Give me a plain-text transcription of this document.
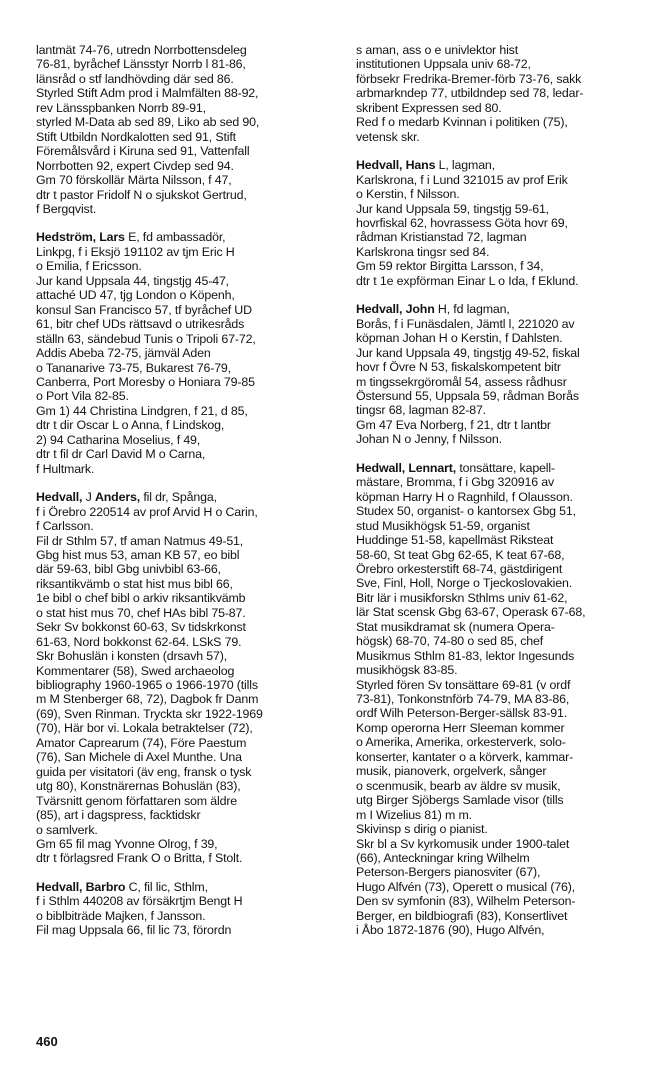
lantmät 74-76, utredn Norrbottensdeleg
76-81, byråchef Länsstyr Norrb l 81-86,
länsråd o stf landhövding där sed 86.
Styrled Stift Adm prod i Malmfälten 88-92,
rev Länsspbanken Norrb 89-91,
styrled M-Data ab sed 89, Liko ab sed 90,
Stift Utbildn Nordkalotten sed 91, Stift
Föremålsvård i Kiruna sed 91, Vattenfall
Norrbotten 92, expert Civdep sed 94.
Gm 70 förskollär Märta Nilsson, f 47,
dtr t pastor Fridolf N o sjukskot Gertrud,
f Bergqvist.
Hedström, Lars E, fd ambassadör,
Linkpg, f i Eksjö 191102 av tjm Eric H
o Emilia, f Ericsson.
Jur kand Uppsala 44, tingstjg 45-47,
attaché UD 47, tjg London o Köpenh,
konsul San Francisco 57, tf byråchef UD
61, bitr chef UDs rättsavd o utrikesråds
ställn 63, sändebud Tunis o Tripoli 67-72,
Addis Abeba 72-75, jämväl Aden
o Tananarive 73-75, Bukarest 76-79,
Canberra, Port Moresby o Honiara 79-85
o Port Vila 82-85.
Gm 1) 44 Christina Lindgren, f 21, d 85,
dtr t dir Oscar L o Anna, f Lindskog,
2) 94 Catharina Moselius, f 49,
dtr t fil dr Carl David M o Carna,
f Hultmark.
Hedvall, J Anders, fil dr, Spånga,
f i Örebro 220514 av prof Arvid H o Carin,
f Carlsson.
Fil dr Sthlm 57, tf aman Natmus 49-51,
Gbg hist mus 53, aman KB 57, eo bibl
där 59-63, bibl Gbg univbibl 63-66,
riksantikvämb o stat hist mus bibl 66,
1e bibl o chef bibl o arkiv riksantikvämb
o stat hist mus 70, chef HAs bibl 75-87.
Sekr Sv bokkonst 60-63, Sv tidskrkonst
61-63, Nord bokkonst 62-64. LSkS 79.
Skr Bohuslän i konsten (drsavh 57),
Kommentarer (58), Swed archaeolog
bibliography 1960-1965 o 1966-1970 (tills
m M Stenberger 68, 72), Dagbok fr Danm
(69), Sven Rinman. Tryckta skr 1922-1969
(70), Här bor vi. Lokala betraktelser (72),
Amator Caprearum (74), Före Paestum
(76), San Michele di Axel Munthe. Una
guida per visitatori (äv eng, fransk o tysk
utg 80), Konstnärernas Bohuslän (83),
Tvärsnitt genom författaren som äldre
(85), art i dagspress, facktidskr
o samlverk.
Gm 65 fil mag Yvonne Olrog, f 39,
dtr t förlagsred Frank O o Britta, f Stolt.
Hedvall, Barbro C, fil lic, Sthlm,
f i Sthlm 440208 av försäkrtjm Bengt H
o biblbiträde Majken, f Jansson.
Fil mag Uppsala 66, fil lic 73, förordn
s aman, ass o e univlektor hist
institutionen Uppsala univ 68-72,
förbsekr Fredrika-Bremer-förb 73-76, sakk
arbmarkndep 77, utbildndep sed 78, ledar-
skribent Expressen sed 80.
Red f o medarb Kvinnan i politiken (75),
vetensk skr.
Hedvall, Hans L, lagman,
Karlskrona, f i Lund 321015 av prof Erik
o Kerstin, f Nilsson.
Jur kand Uppsala 59, tingstjg 59-61,
hovrfiskal 62, hovrassess Göta hovr 69,
rådman Kristianstad 72, lagman
Karlskrona tingsr sed 84.
Gm 59 rektor Birgitta Larsson, f 34,
dtr t 1e expförman Einar L o Ida, f Eklund.
Hedvall, John H, fd lagman,
Borås, f i Funäsdalen, Jämtl l, 221020 av
köpman Johan H o Kerstin, f Dahlsten.
Jur kand Uppsala 49, tingstjg 49-52, fiskal
hovr f Övre N 53, fiskalskompetent bitr
m tingssekrgöromål 54, assess rådhusr
Östersund 55, Uppsala 59, rådman Borås
tingsr 68, lagman 82-87.
Gm 47 Eva Norberg, f 21, dtr t lantbr
Johan N o Jenny, f Nilsson.
Hedwall, Lennart, tonsättare, kapell-
mästare, Bromma, f i Gbg 320916 av
köpman Harry H o Ragnhild, f Olausson.
Studex 50, organist- o kantorsex Gbg 51,
stud Musikhögsk 51-59, organist
Huddinge 51-58, kapellmäst Riksteat
58-60, St teat Gbg 62-65, K teat 67-68,
Örebro orkesterstift 68-74, gästdirigent
Sve, Finl, Holl, Norge o Tjeckoslovakien.
Bitr lär i musikforskn Sthlms univ 61-62,
lär Stat scensk Gbg 63-67, Operask 67-68,
Stat musikdramat sk (numera Opera-
högsk) 68-70, 74-80 o sed 85, chef
Musikmus Sthlm 81-83, lektor Ingesunds
musikhögsk 83-85.
Styrled fören Sv tonsättare 69-81 (v ordf
73-81), Tonkonstnförb 74-79, MA 83-86,
ordf Wilh Peterson-Berger-sällsk 83-91.
Komp operorna Herr Sleeman kommer
o Amerika, Amerika, orkesterverk, solo-
konserter, kantater o a körverk, kammar-
musik, pianoverk, orgelverk, sånger
o scenmusik, bearb av äldre sv musik,
utg Birger Sjöbergs Samlade visor (tills
m I Wizelius 81) m m.
Skivinsp s dirig o pianist.
Skr bl a Sv kyrkomusik under 1900-talet
(66), Anteckningar kring Wilhelm
Peterson-Bergers pianosviter (67),
Hugo Alfvén (73), Operett o musical (76),
Den sv symfonin (83), Wilhelm Peterson-
Berger, en bildbiografi (83), Konsertlivet
i Åbo 1872-1876 (90), Hugo Alfvén,
460
